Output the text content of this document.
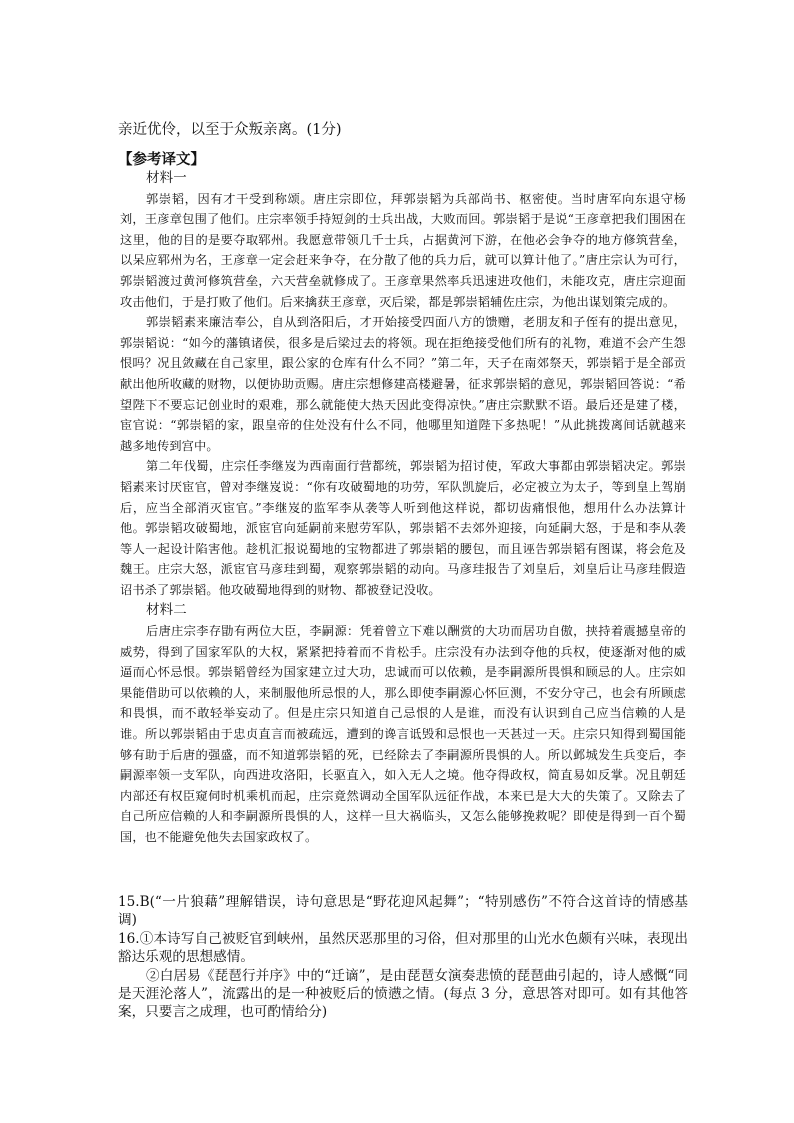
亲近优伶，以至于众叛亲离。(1分)
【参考译文】
材料一

郭崇韬，因有才干受到称颂。唐庄宗即位，拜郭崇韬为兵部尚书、枢密使。当时唐军向东退守杨刘，王彦章包围了他们。庄宗率领手持短剑的士兵出战，大败而回。郭崇韬于是说“王彦章把我们围困在这里，他的目的是要夺取郓州。我愿意带领几千士兵，占据黄河下游，在他必会争夺的地方修筑营垒，以呆应郓州为名，王彦章一定会赶来争夺，在分散了他的兵力后，就可以算计他了。”唐庄宗认为可行，郭崇韬渡过黄河修筑营垒，六天营垒就修成了。王彦章果然率兵迅速进攻他们，未能攻克，唐庄宗迎面攻击他们，于是打败了他们。后来擒获王彦章，灭后梁，都是郭崇韬辅佐庄宗，为他出谋划策完成的。

郭崇韬素来廉洁奉公，自从到洛阳后，才开始接受四面八方的馈赠，老朋友和子侄有的提出意见，郭崇韬说：“如今的藩镇诸侯，很多是后梁过去的将领。现在拒绝接受他们所有的礼物，难道不会产生怨恨吗？况且敛藏在自己家里，跟公家的仓库有什么不同？”第二年，天子在南郊祭天，郭崇韬于是全部贡献出他所收藏的财物，以便协助贡赐。唐庄宗想修建高楼避暑，征求郭崇韬的意见，郭崇韬回答说：“希望陛下不要忘记创业时的艰难，那么就能使大热天因此变得凉快。”唐庄宗默默不语。最后还是建了楼，宦官说：“郭崇韬的家，跟皇帝的住处没有什么不同，他哪里知道陛下多热呢！”从此挑拨离间话就越来越多地传到宫中。

第二年伐蜀，庄宗任李继岌为西南面行营都统，郭崇韬为招讨使，军政大事都由郭崇韬决定。郭崇韬素来讨厌宦官，曾对李继岌说：“你有攻破蜀地的功劳，军队凯旋后，必定被立为太子，等到皇上驾崩后，应当全部消灭宦官。”李继岌的监军李从袭等人听到他这样说，都切齿痛恨他，想用什么办法算计他。郭崇韬攻破蜀地，派宦官向延嗣前来慰劳军队，郭崇韬不去郊外迎接，向延嗣大怒，于是和李从袭等人一起设计陷害他。趁机汇报说蜀地的宝物都进了郭崇韬的腰包，而且诬告郭崇韬有图谋，将会危及魏王。庄宗大怒，派宦官马彦珪到蜀，观察郭崇韬的动向。马彦珪报告了刘皇后，刘皇后让马彦珪假造诏书杀了郭崇韬。他攻破蜀地得到的财物、都被登记没收。

材料二

后唐庄宗李存勖有两位大臣，李嗣源：凭着曾立下难以酬赏的大功而居功自傲，挟持着震撼皇帝的威势，得到了国家军队的大权，紧紧把持着而不肯松手。庄宗没有办法到夺他的兵权，使逐渐对他的威逼而心怀忌恨。郭崇韬曾经为国家建立过大功，忠诚而可以依赖，是李嗣源所畏惧和顾忌的人。庄宗如果能借助可以依赖的人，来制服他所忌恨的人，那么即使李嗣源心怀叵测，不安分守己，也会有所顾虑和畏惧，而不敢轻举妄动了。但是庄宗只知道自己忌恨的人是谁，而没有认识到自己应当信赖的人是谁。所以郭崇韬由于忠贞直言而被疏远，遭到的谗言诋毁和忌恨也一天甚过一天。庄宗只知得到蜀国能够有助于后唐的强盛，而不知道郭崇韬的死，已经除去了李嗣源所畏惧的人。所以邺城发生兵变后，李嗣源率领一支军队，向西进攻洛阳，长驱直入，如入无人之境。他夺得政权，简直易如反掌。况且朝廷内部还有权臣窥伺时机乘机而起，庄宗竟然调动全国军队远征作战，本来已是大大的失策了。又除去了自己所应信赖的人和李嗣源所畏惧的人，这样一旦大祸临头，又怎么能够挽救呢？即使是得到一百个蜀国，也不能避免他失去国家政权了。

15.B(“一片狼藉”理解错误，诗句意思是“野花迎风起舞”；“特别感伤”不符合这首诗的情感基调)

16.①本诗写自己被贬官到峡州，虽然厌恶那里的习俗，但对那里的山光水色颇有兴味，表现出豁达乐观的思想感情。

②白居易《琵琶行并序》中的“迁谪”，是由琵琶女演奏悲愤的琵琶曲引起的，诗人感慨“同是天涯沦落人”，流露出的是一种被贬后的愤懑之情。(每点 3 分，意思答对即可。如有其他答案，只要言之成理，也可酌情给分)
